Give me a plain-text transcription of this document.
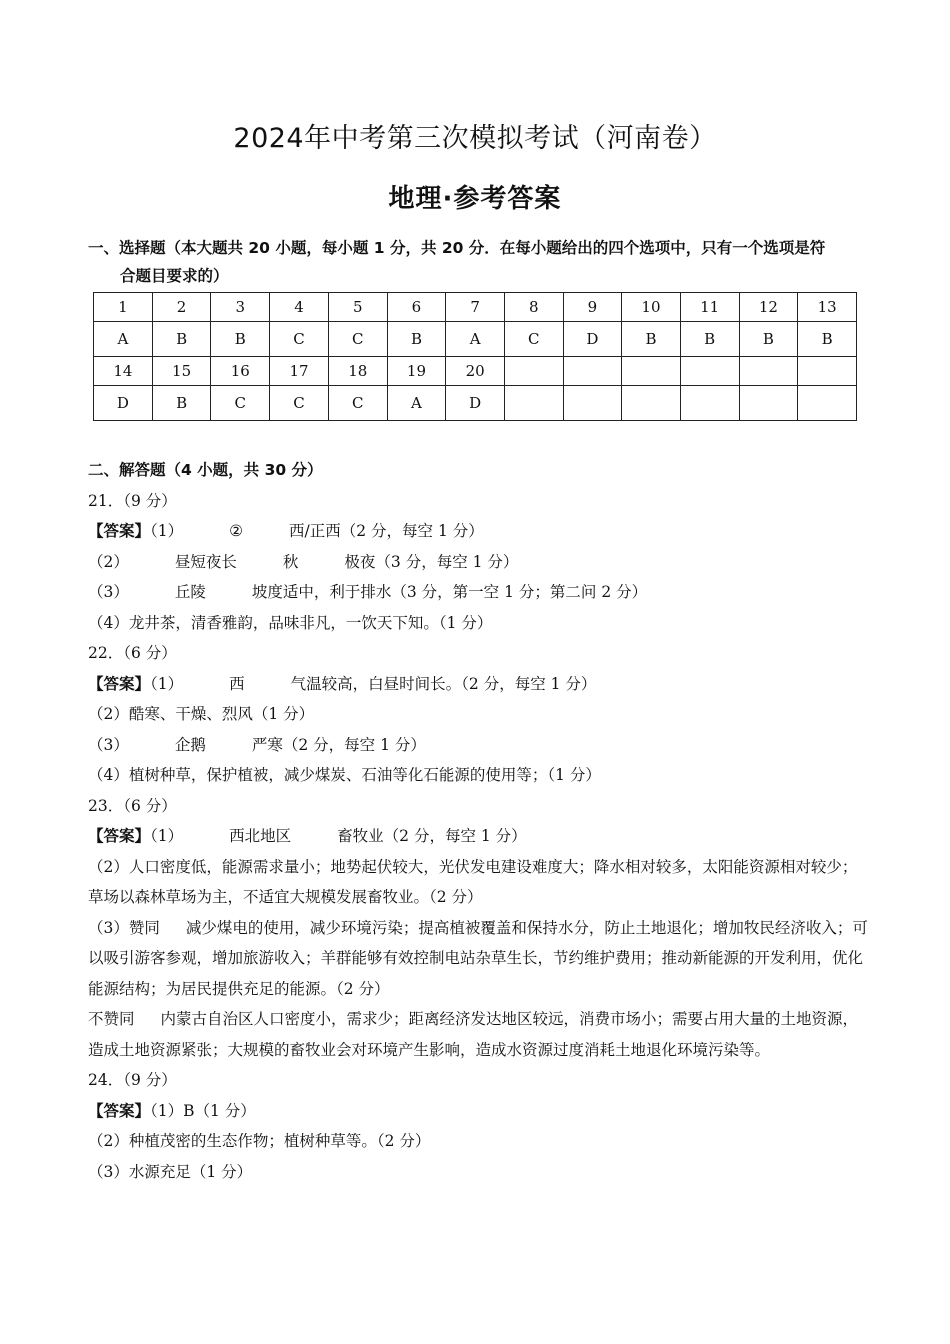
2024年中考第三次模拟考试（河南卷）
地理·参考答案
一、选择题（本大题共 20 小题，每小题 1 分，共 20 分．在每小题给出的四个选项中，只有一个选项是符
合题目要求的）
1	2	3	4	5	6	7	8	9	10	11	12	13
A	B	B	C	C	B	A	C	D	B	B	B	B
14	15	16	17	18	19	20						
D	B	C	C	C	A	D						
二、解答题（4 小题，共 30 分）
21．（9 分）
【答案】（1）	②	西/正西（2 分，每空 1 分）
（2）	昼短夜长	秋	极夜（3 分，每空 1 分）
（3）	丘陵	坡度适中，利于排水（3 分，第一空 1 分；第二问 2 分）
（4）龙井茶，清香雅韵，品味非凡，一饮天下知。（1 分）
22．（6 分）
【答案】（1）	西	气温较高，白昼时间长。（2 分，每空 1 分）
（2）酷寒、干燥、烈风（1 分）
（3）	企鹅	严寒（2 分，每空 1 分）
（4）植树种草，保护植被，减少煤炭、石油等化石能源的使用等；（1 分）
23．（6 分）
【答案】（1）	西北地区	畜牧业（2 分，每空 1 分）
（2）人口密度低，能源需求量小；地势起伏较大，光伏发电建设难度大；降水相对较多，太阳能资源相对较少；草场以森林草场为主，不适宜大规模发展畜牧业。（2 分）
（3）赞同 减少煤电的使用，减少环境污染；提高植被覆盖和保持水分，防止土地退化；增加牧民经济收入；可以吸引游客参观，增加旅游收入；羊群能够有效控制电站杂草生长，节约维护费用；推动新能源的开发利用，优化能源结构；为居民提供充足的能源。（2 分）
不赞同 内蒙古自治区人口密度小，需求少；距离经济发达地区较远，消费市场小；需要占用大量的土地资源，造成土地资源紧张；大规模的畜牧业会对环境产生影响，造成水资源过度消耗土地退化环境污染等。
24．（9 分）
【答案】（1）B（1 分）
（2）种植茂密的生态作物；植树种草等。（2 分）
（3）水源充足（1 分）
